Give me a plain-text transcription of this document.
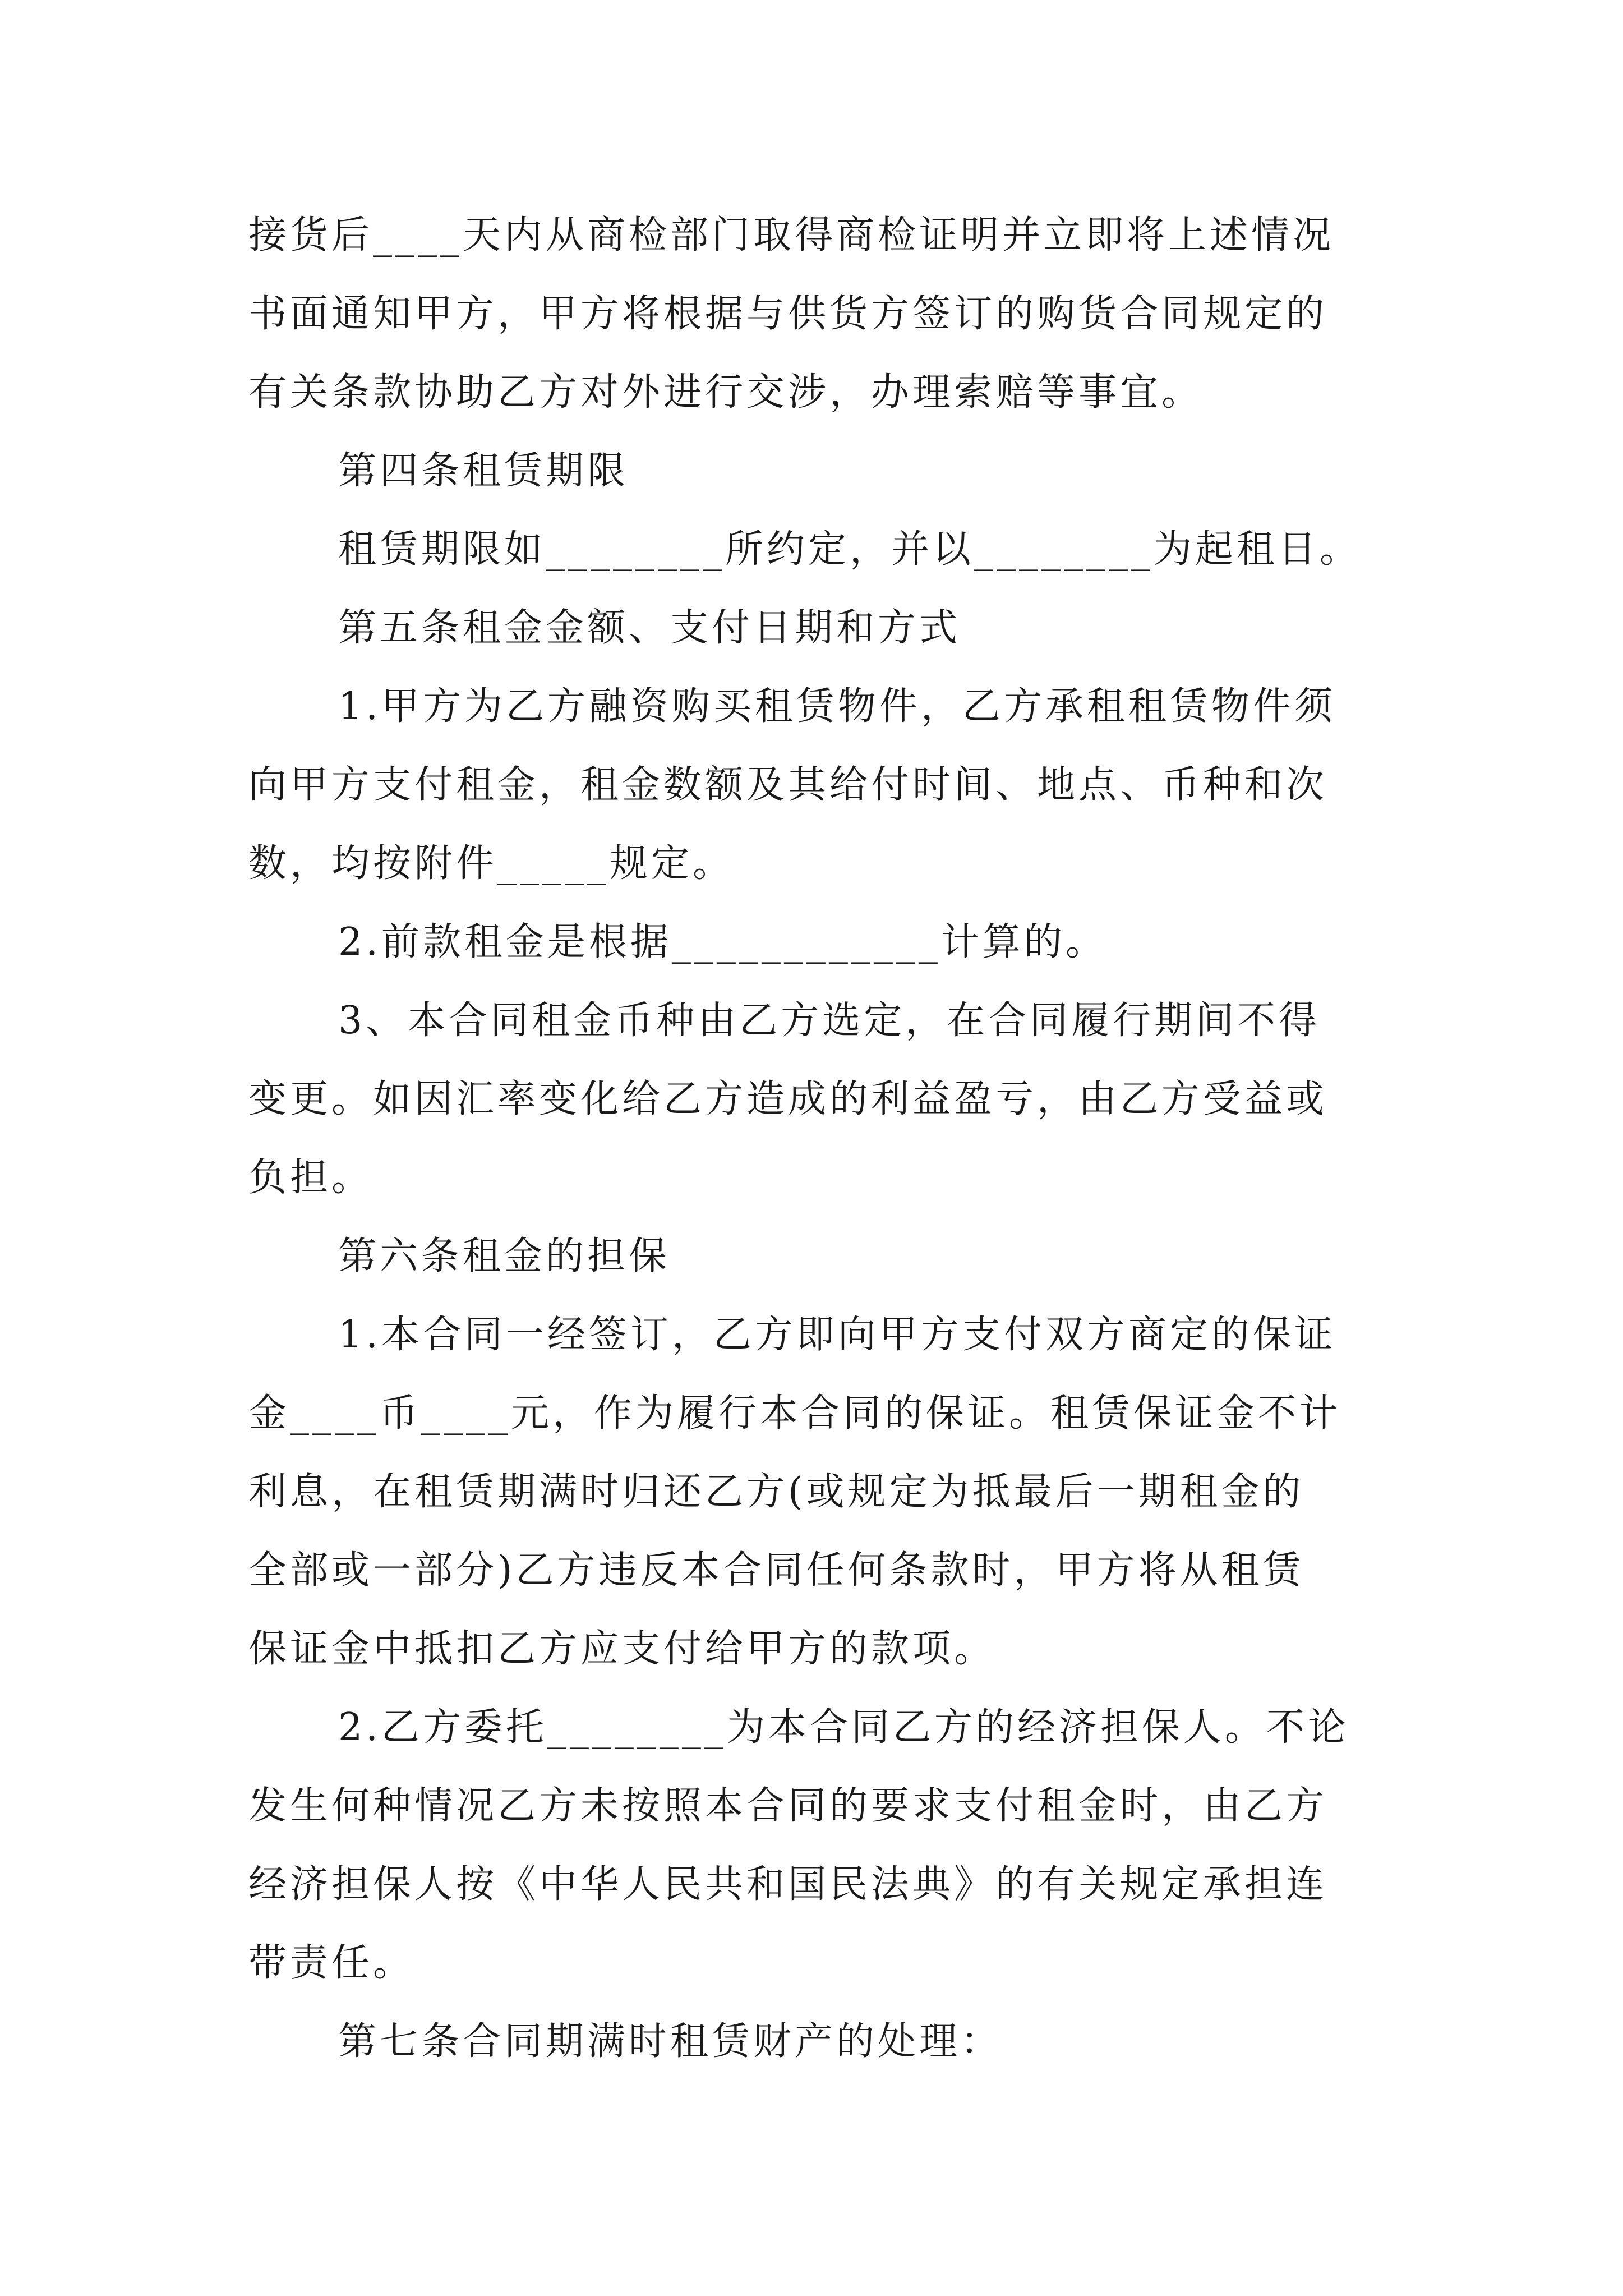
接货后____天内从商检部门取得商检证明并立即将上述情况
书面通知甲方，甲方将根据与供货方签订的购货合同规定的
有关条款协助乙方对外进行交涉，办理索赔等事宜。
第四条租赁期限
租赁期限如________所约定，并以________为起租日。
第五条租金金额、支付日期和方式
1.甲方为乙方融资购买租赁物件，乙方承租租赁物件须
向甲方支付租金，租金数额及其给付时间、地点、币种和次
数，均按附件_____规定。
2.前款租金是根据____________计算的。
3、本合同租金币种由乙方选定，在合同履行期间不得
变更。如因汇率变化给乙方造成的利益盈亏，由乙方受益或
负担。
第六条租金的担保
1.本合同一经签订，乙方即向甲方支付双方商定的保证
金____币____元，作为履行本合同的保证。租赁保证金不计
利息，在租赁期满时归还乙方(或规定为抵最后一期租金的
全部或一部分)乙方违反本合同任何条款时，甲方将从租赁
保证金中抵扣乙方应支付给甲方的款项。
2.乙方委托________为本合同乙方的经济担保人。不论
发生何种情况乙方未按照本合同的要求支付租金时，由乙方
经济担保人按《中华人民共和国民法典》的有关规定承担连
带责任。
第七条合同期满时租赁财产的处理：
